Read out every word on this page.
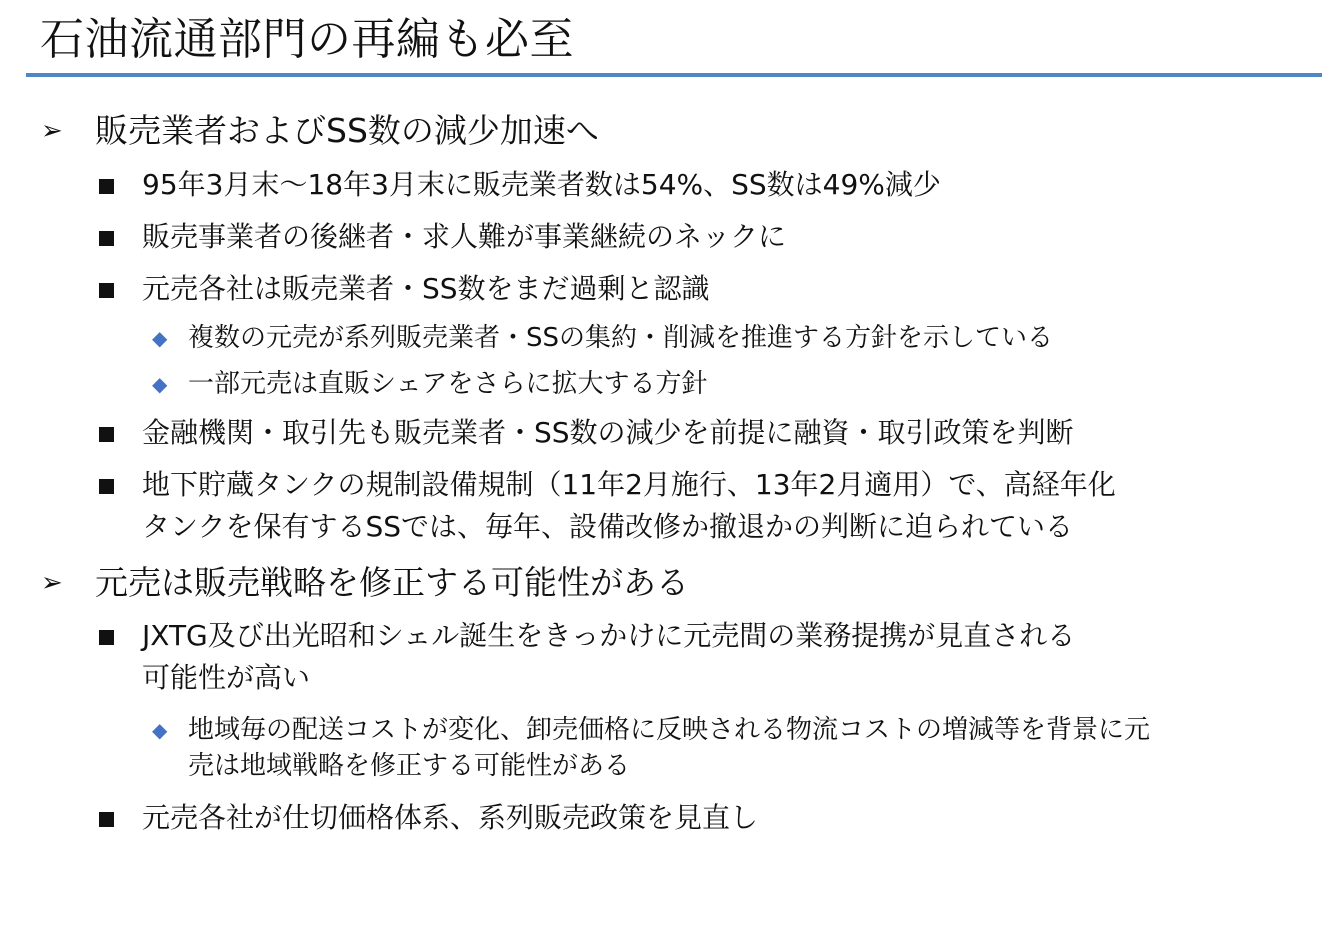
石油流通部門の再編も必至
➢ 販売業者およびSS数の減少加速へ
95年3月末～18年3月末に販売業者数は54%、SS数は49%減少
販売事業者の後継者・求人難が事業継続のネックに
元売各社は販売業者・SS数をまだ過剰と認識
◆ 複数の元売が系列販売業者・SSの集約・削減を推進する方針を示している
◆ 一部元売は直販シェアをさらに拡大する方針
金融機関・取引先も販売業者・SS数の減少を前提に融資・取引政策を判断
地下貯蔵タンクの規制設備規制（11年2月施行、13年2月適用）で、高経年化
タンクを保有するSSでは、毎年、設備改修か撤退かの判断に迫られている
➢ 元売は販売戦略を修正する可能性がある
JXTG及び出光昭和シェル誕生をきっかけに元売間の業務提携が見直される
可能性が高い
◆ 地域毎の配送コストが変化、卸売価格に反映される物流コストの増減等を背景に元
売は地域戦略を修正する可能性がある
元売各社が仕切価格体系、系列販売政策を見直し
